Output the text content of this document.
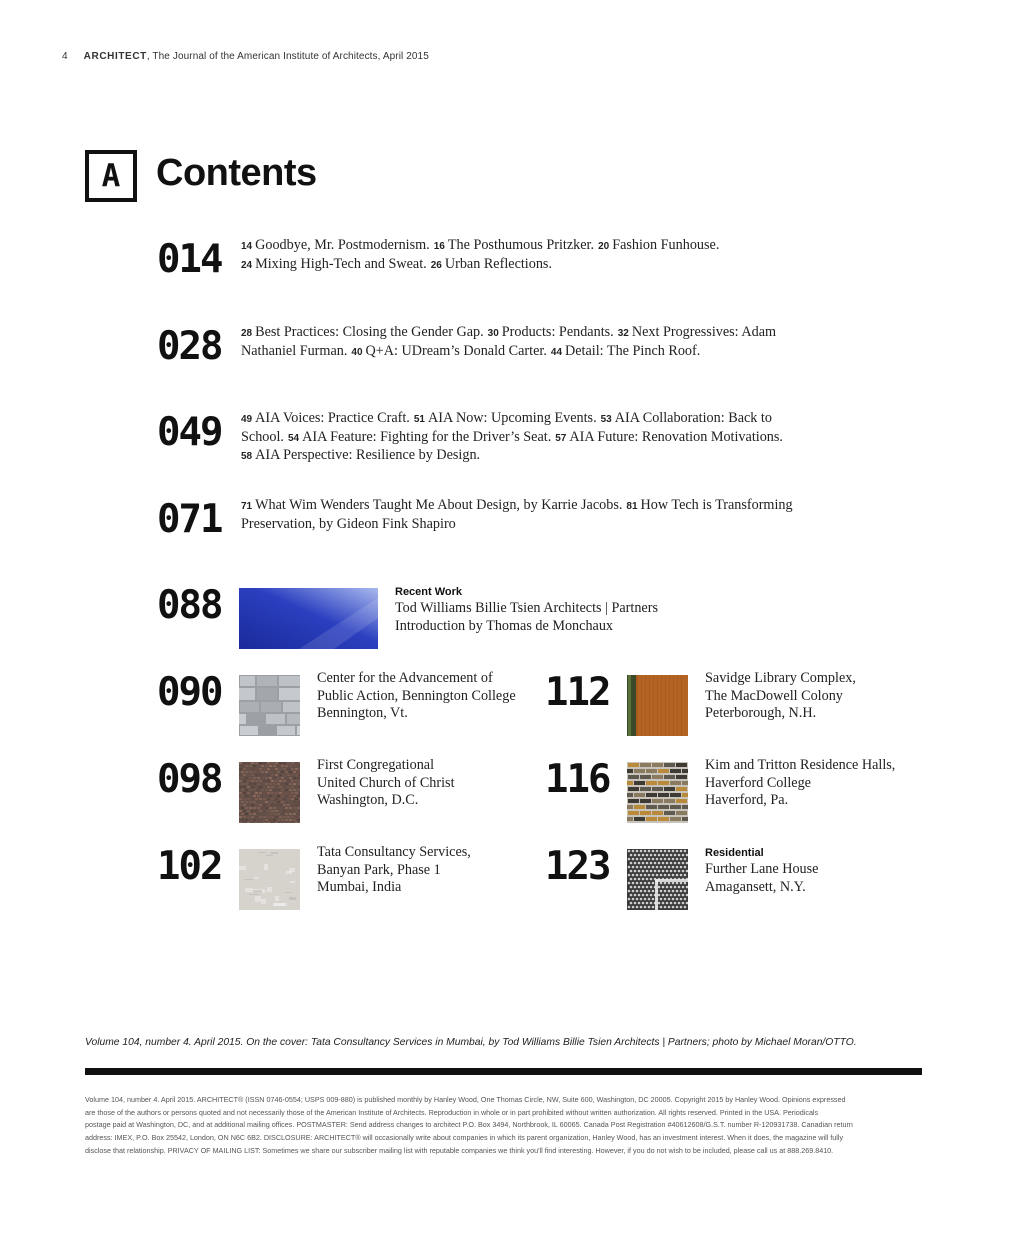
4 ARCHITECT, The Journal of the American Institute of Architects, April 2015
A Contents
014 14 Goodbye, Mr. Postmodernism. 16 The Posthumous Pritzker. 20 Fashion Funhouse.
24 Mixing High-Tech and Sweat. 26 Urban Reflections.
028 28 Best Practices: Closing the Gender Gap. 30 Products: Pendants. 32 Next Progressives: Adam
Nathaniel Furman. 40 Q+A: UDream’s Donald Carter. 44 Detail: The Pinch Roof.
049 49 AIA Voices: Practice Craft. 51 AIA Now: Upcoming Events. 53 AIA Collaboration: Back to
School. 54 AIA Feature: Fighting for the Driver’s Seat. 57 AIA Future: Renovation Motivations.
58 AIA Perspective: Resilience by Design.
071 71 What Wim Wenders Taught Me About Design, by Karrie Jacobs. 81 How Tech is Transforming
Preservation, by Gideon Fink Shapiro
088	Recent Work
Tod Williams Billie Tsien Architects | Partners
Introduction by Thomas de Monchaux
090	Center for the Advancement of
Public Action, Bennington College
Bennington, Vt.	112	Savidge Library Complex,
The MacDowell Colony
Peterborough, N.H.
098	First Congregational
United Church of Christ
Washington, D.C.	116	Kim and Tritton Residence Halls,
Haverford College
Haverford, Pa.
102	Tata Consultancy Services,
Banyan Park, Phase 1
Mumbai, India	123	Residential
Further Lane House
Amagansett, N.Y.
Volume 104, number 4. April 2015. On the cover: Tata Consultancy Services in Mumbai, by Tod Williams Billie Tsien Architects | Partners; photo by Michael Moran/OTTO.
Volume 104, number 4. April 2015. ARCHITECT® (ISSN 0746-0554; USPS 009-880) is published monthly by Hanley Wood, One Thomas Circle, NW, Suite 600, Washington, DC 20005. Copyright 2015 by Hanley Wood. Opinions expressed
are those of the authors or persons quoted and not necessarily those of the American Institute of Architects. Reproduction in whole or in part prohibited without written authorization. All rights reserved. Printed in the USA. Periodicals
postage paid at Washington, DC, and at additional mailing offices. POSTMASTER: Send address changes to architect P.O. Box 3494, Northbrook, IL 60065. Canada Post Registration #40612608/G.S.T. number R-120931738. Canadian return
address: IMEX, P.O. Box 25542, London, ON N6C 6B2. DISCLOSURE: ARCHITECT® will occasionally write about companies in which its parent organization, Hanley Wood, has an investment interest. When it does, the magazine will fully
disclose that relationship. PRIVACY OF MAILING LIST: Sometimes we share our subscriber mailing list with reputable companies we think you'll find interesting. However, if you do not wish to be included, please call us at 888.269.8410.
